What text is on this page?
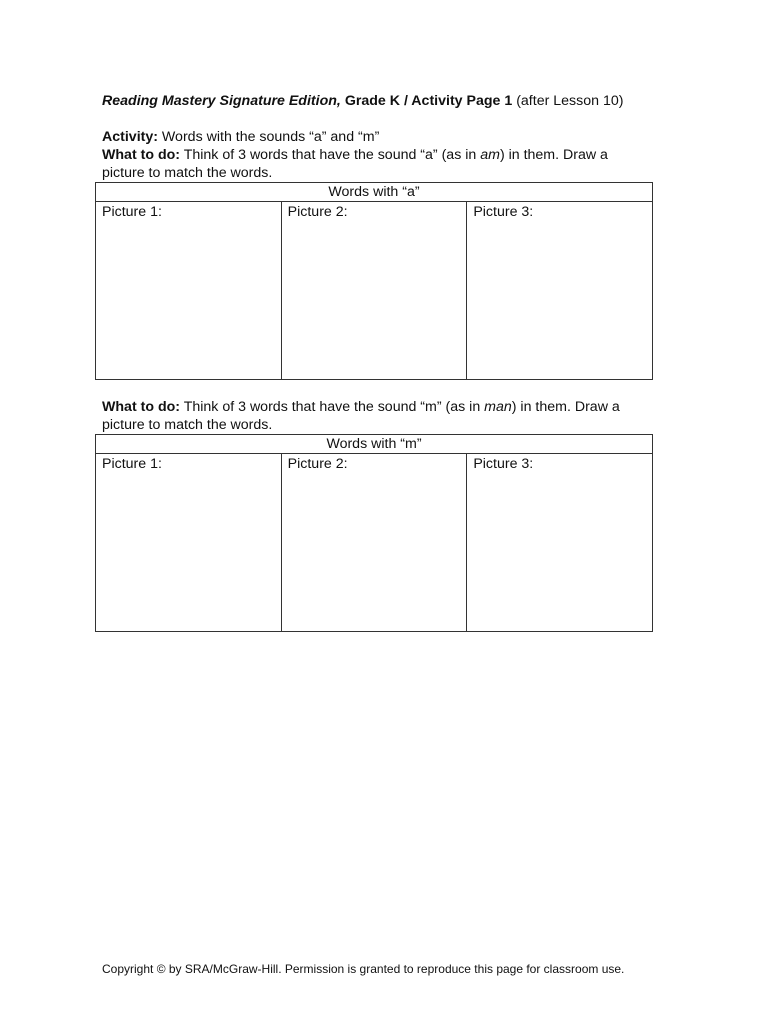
Reading Mastery Signature Edition, Grade K / Activity Page 1 (after Lesson 10)
Activity: Words with the sounds “a” and “m”
What to do: Think of 3 words that have the sound “a” (as in am) in them. Draw a
picture to match the words.
Words with “a”
Picture 1:	Picture 2:	Picture 3:
What to do: Think of 3 words that have the sound “m” (as in man) in them. Draw a
picture to match the words.
Words with “m”
Picture 1:	Picture 2:	Picture 3:
Copyright © by SRA/McGraw-Hill. Permission is granted to reproduce this page for classroom use.
